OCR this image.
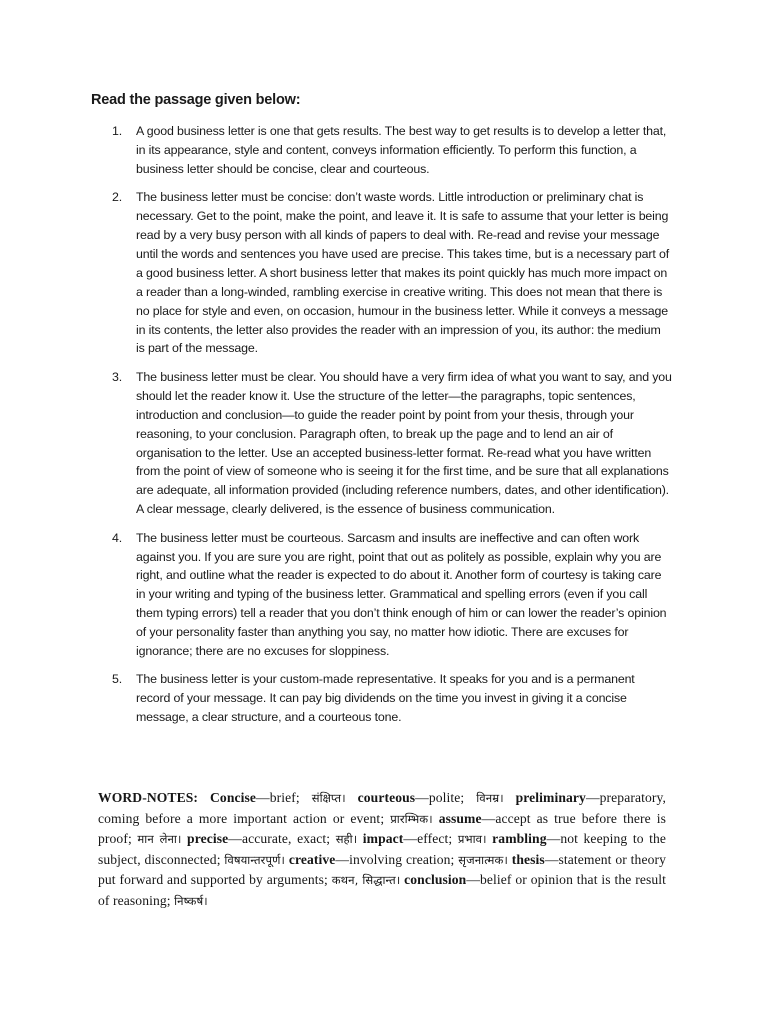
Read the passage given below:
1. A good business letter is one that gets results. The best way to get results is to develop a letter that, in its appearance, style and content, conveys information efficiently. To perform this function, a business letter should be concise, clear and courteous.
2. The business letter must be concise: don’t waste words. Little introduction or preliminary chat is necessary. Get to the point, make the point, and leave it. It is safe to assume that your letter is being read by a very busy person with all kinds of papers to deal with. Re-read and revise your message until the words and sentences you have used are precise. This takes time, but is a necessary part of a good business letter. A short business letter that makes its point quickly has much more impact on a reader than a long-winded, rambling exercise in creative writing. This does not mean that there is no place for style and even, on occasion, humour in the business letter. While it conveys a message in its contents, the letter also provides the reader with an impression of you, its author: the medium is part of the message.
3. The business letter must be clear. You should have a very firm idea of what you want to say, and you should let the reader know it. Use the structure of the letter—the paragraphs, topic sentences, introduction and conclusion—to guide the reader point by point from your thesis, through your reasoning, to your conclusion. Paragraph often, to break up the page and to lend an air of organisation to the letter. Use an accepted business-letter format. Re-read what you have written from the point of view of someone who is seeing it for the first time, and be sure that all explanations are adequate, all information provided (including reference numbers, dates, and other identification). A clear message, clearly delivered, is the essence of business communication.
4. The business letter must be courteous. Sarcasm and insults are ineffective and can often work against you. If you are sure you are right, point that out as politely as possible, explain why you are right, and outline what the reader is expected to do about it. Another form of courtesy is taking care in your writing and typing of the business letter. Grammatical and spelling errors (even if you call them typing errors) tell a reader that you don’t think enough of him or can lower the reader’s opinion of your personality faster than anything you say, no matter how idiotic. There are excuses for ignorance; there are no excuses for sloppiness.
5. The business letter is your custom-made representative. It speaks for you and is a permanent record of your message. It can pay big dividends on the time you invest in giving it a concise message, a clear structure, and a courteous tone.
WORD-NOTES: Concise—brief; संक्षिप्त। courteous—polite; विनम्र। preliminary—preparatory, coming before a more important action or event; प्रारम्भिक। assume—accept as true before there is proof; मान लेना। precise—accurate, exact; सही। impact—effect; प्रभाव। rambling—not keeping to the subject, disconnected; विषयान्तरपूर्ण। creative—involving creation; सृजनात्मक। thesis—statement or theory put forward and supported by arguments; कथन, सिद्धान्त। conclusion—belief or opinion that is the result of reasoning; निष्कर्ष।
